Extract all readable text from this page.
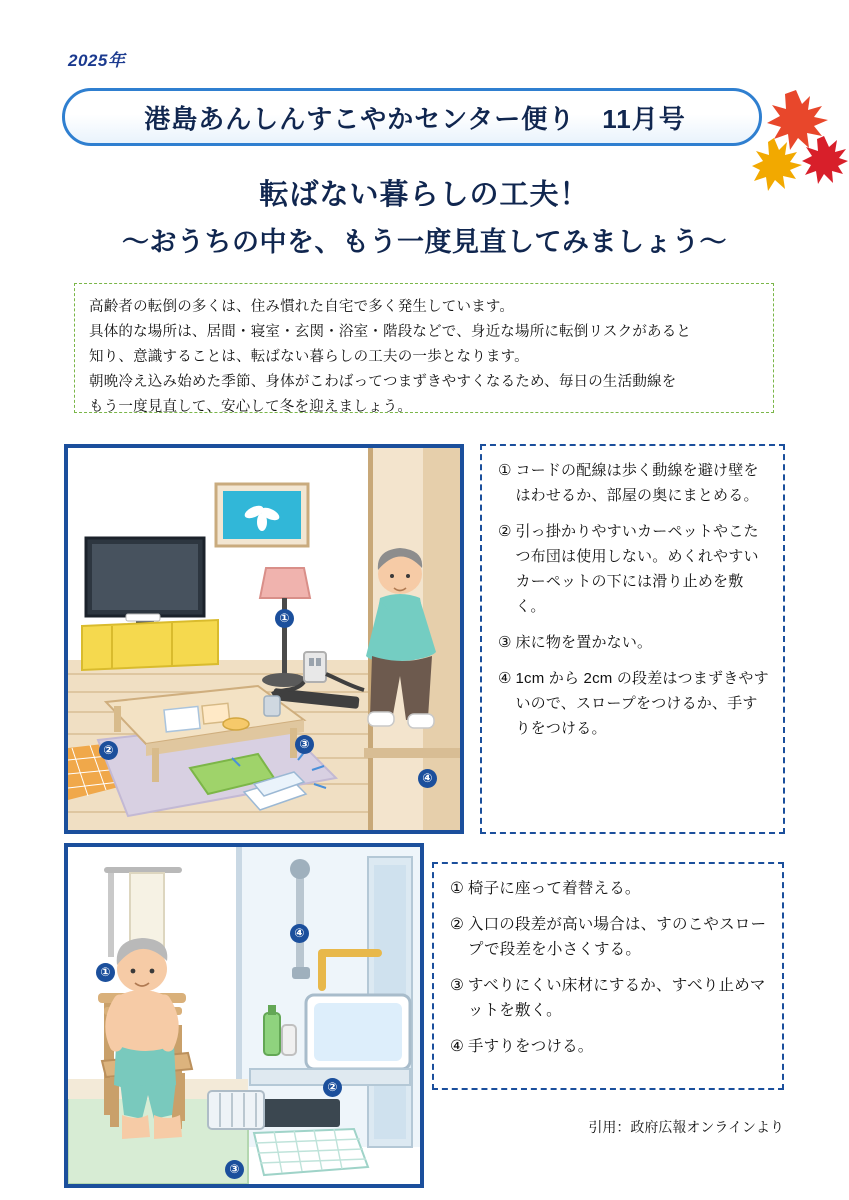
2025年
港島あんしんすこやかセンター便り　11月号
転ばない暮らしの工夫！
～おうちの中を、もう一度見直してみましょう～
高齢者の転倒の多くは、住み慣れた自宅で多く発生しています。
具体的な場所は、居間・寝室・玄関・浴室・階段などで、身近な場所に転倒リスクがあると
知り、意識することは、転ばない暮らしの工夫の一歩となります。
朝晩冷え込み始めた季節、身体がこわばってつまずきやすくなるため、毎日の生活動線を
もう一度見直して、安心して冬を迎えましょう。
①
②	③
④
① コードの配線は歩く動線を避け壁をはわせるか、部屋の奥にまとめる。
② 引っ掛かりやすいカーペットやこたつ布団は使用しない。めくれやすいカーペットの下には滑り止めを敷く。
③ 床に物を置かない。
④ 1cm から 2cm の段差はつまずきやすいので、スロープをつけるか、手すりをつける。
①
②
③
④
① 椅子に座って着替える。
② 入口の段差が高い場合は、すのこやスロープで段差を小さくする。
③ すべりにくい床材にするか、すべり止めマットを敷く。
④ 手すりをつける。
引用：政府広報オンラインより
